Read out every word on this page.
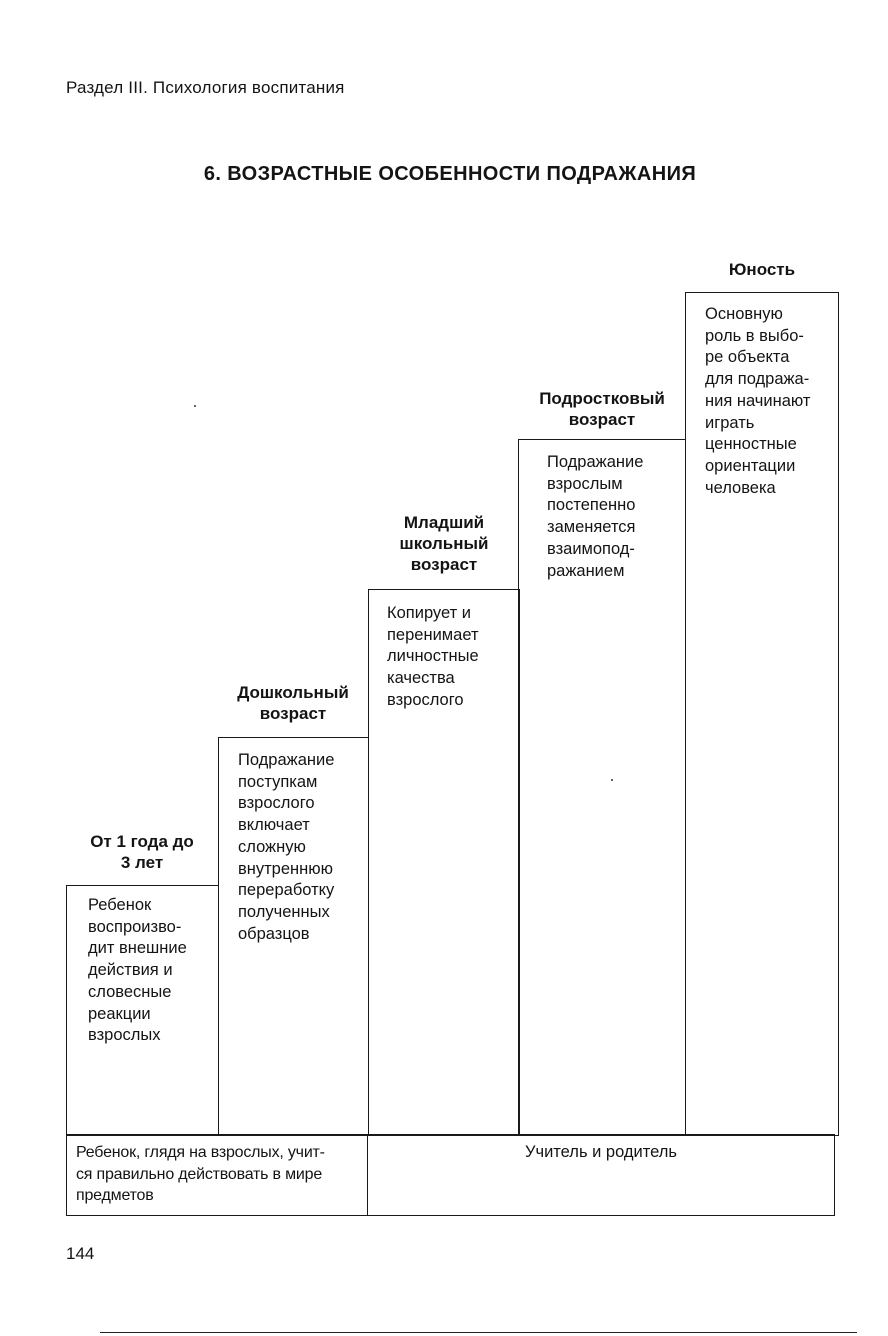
Раздел III. Психология воспитания
6. ВОЗРАСТНЫЕ ОСОБЕННОСТИ ПОДРАЖАНИЯ
От 1 года до
3 лет
Ребенок
воспроизво-
дит внешние
действия и
словесные
реакции
взрослых
Дошкольный
возраст
Подражание
поступкам
взрослого
включает
сложную
внутреннюю
переработку
полученных
образцов
Младший
школьный
возраст
Копирует и
перенимает
личностные
качества
взрослого
Подростковый
возраст
Подражание
взрослым
постепенно
заменяется
взаимопод-
ражанием
Юность
Основную
роль в выбо-
ре объекта
для подража-
ния начинают
играть
ценностные
ориентации
человека
Ребенок, глядя на взрослых, учит-
ся правильно действовать в мире
предметов
Учитель и родитель
144
